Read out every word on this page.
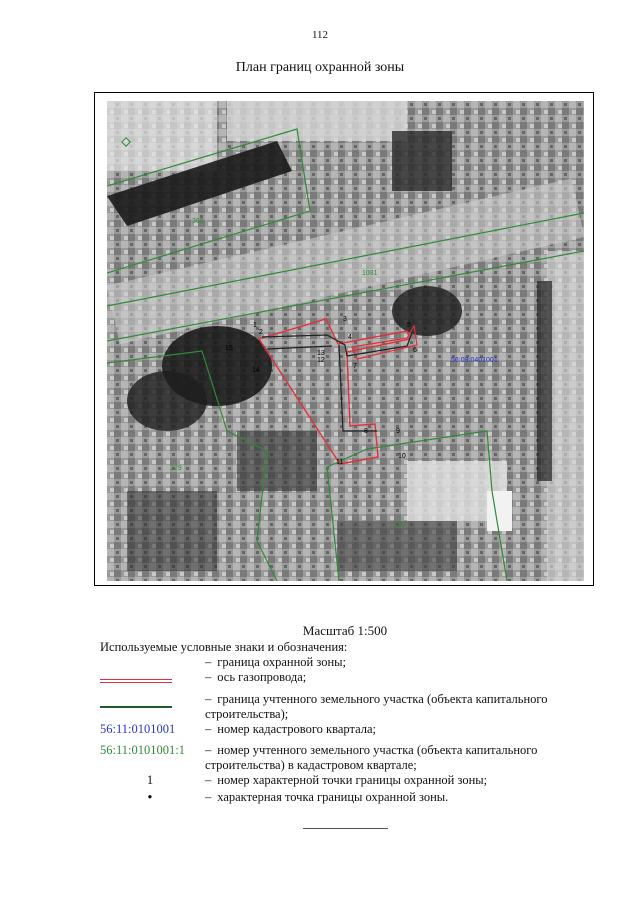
112
План границ охранной зоны
1
2
3
4
5
6
7
8	9
10
11
12
13
14
15
366
1031
229
180
56:09:0401001
Масштаб 1:500
Используемые условные знаки и обозначения:
– граница охранной зоны;
– ось газопровода;
– граница учтенного земельного участка (объекта капитального строительства);
56:11:0101001	– номер кадастрового квартала;
56:11:0101001:1	– номер учтенного земельного участка (объекта капитального строительства) в кадастровом квартале;
1	– номер характерной точки границы охранной зоны;
•	– характерная точка границы охранной зоны.
